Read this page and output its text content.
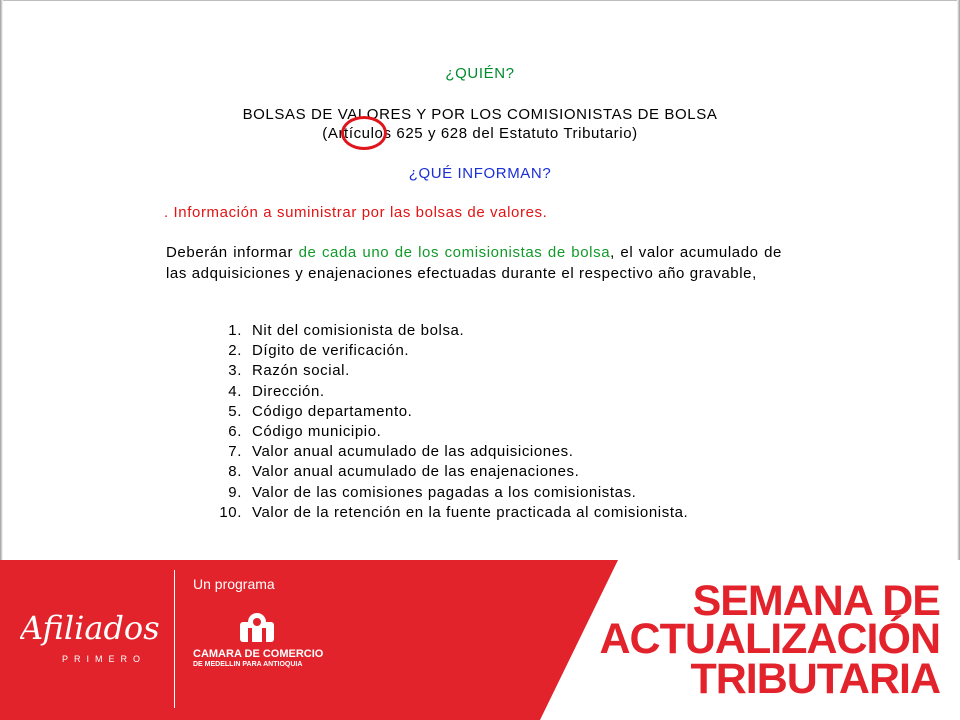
¿QUIÉN?
BOLSAS DE VALORES Y POR LOS COMISIONISTAS DE BOLSA
(Artículos 625 y 628 del Estatuto Tributario)
¿QUÉ INFORMAN?
. Información a suministrar por las bolsas de valores.
Deberán informar de cada uno de los comisionistas de bolsa, el valor acumulado de las adquisiciones y enajenaciones efectuadas durante el respectivo año gravable,
1. Nit del comisionista de bolsa.
2. Dígito de verificación.
3. Razón social.
4. Dirección.
5. Código departamento.
6. Código municipio.
7. Valor anual acumulado de las adquisiciones.
8. Valor anual acumulado de las enajenaciones.
9. Valor de las comisiones pagadas a los comisionistas.
10. Valor de la retención en la fuente practicada al comisionista.
Afiliados
PRIMERO
Un programa
CAMARA DE COMERCIO
DE MEDELLIN PARA ANTIOQUIA
SEMANA DE
ACTUALIZACIÓN
TRIBUTARIA
